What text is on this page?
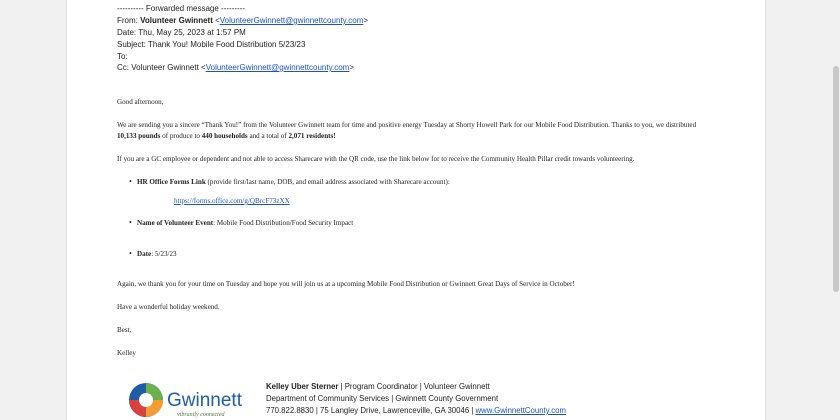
---------- Forwarded message ---------
From: Volunteer Gwinnett <VolunteerGwinnett@gwinnettcounty.com>
Date: Thu, May 25, 2023 at 1:57 PM
Subject: Thank You! Mobile Food Distribution 5/23/23
To:
Cc: Volunteer Gwinnett <VolunteerGwinnett@gwinnettcounty.com>
Good afternoon,
We are sending you a sincere “Thank You!” from the Volunteer Gwinnett team for time and positive energy Tuesday at Shorty Howell Park for our Mobile Food Distribution. Thanks to you, we distributed
10,133 pounds of produce to 440 households and a total of 2,071 residents!
If you are a GC employee or dependent and not able to access Sharecare with the QR code, use the link below for to receive the Community Health Pillar credit towards volunteering.
• HR Office Forms Link (provide first/last name, DOB, and email address associated with Sharecare account):
https://forms.office.com/g/QBrcF73zXX
• Name of Volunteer Event: Mobile Food Distribution/Food Security Impact
• Date: 5/23/23
Again, we thank you for your time on Tuesday and hope you will join us at a upcoming Mobile Food Distribution or Gwinnett Great Days of Service in October!
Have a wonderful holiday weekend.
Best,
Kelley
Gwinnett
vibrantly connected
Kelley Uber Sterner | Program Coordinator | Volunteer Gwinnett
Department of Community Services | Gwinnett County Government
770.822.8830 | 75 Langley Drive, Lawrenceville, GA 30046 | www.GwinnettCounty.com
